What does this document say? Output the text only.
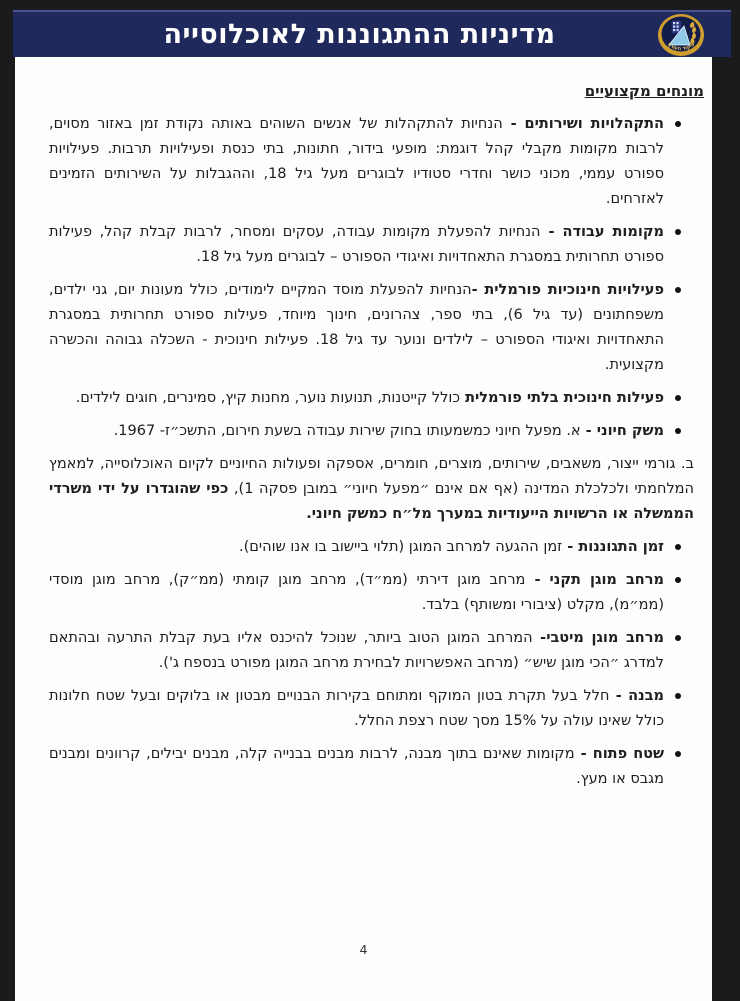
מדיניות ההתגוננות לאוכלוסייה	פיקוד העורף
מונחים מקצועיים
התקהלויות ושירותים - הנחיות להתקהלות של אנשים השוהים באותה נקודת זמן באזור מסוים, לרבות מקומות מקבלי קהל דוגמת: מופעי בידור, חתונות, בתי כנסת ופעילויות תרבות. פעילויות ספורט עממי, מכוני כושר וחדרי סטודיו לבוגרים מעל גיל 18, וההגבלות על השירותים הזמינים לאזרחים.
מקומות עבודה - הנחיות להפעלת מקומות עבודה, עסקים ומסחר, לרבות קבלת קהל, פעילות ספורט תחרותית במסגרת התאחדויות ואיגודי הספורט – לבוגרים מעל גיל 18.
פעילויות חינוכיות פורמלית -הנחיות להפעלת מוסד המקיים לימודים, כולל מעונות יום, גני ילדים, משפחתונים (עד גיל 6), בתי ספר, צהרונים, חינוך מיוחד, פעילות ספורט תחרותית במסגרת התאחדויות ואיגודי הספורט – לילדים ונוער עד גיל 18. פעילות חינוכית - השכלה גבוהה והכשרה מקצועית.
פעילות חינוכית בלתי פורמלית כולל קייטנות, תנועות נוער, מחנות קיץ, סמינרים, חוגים לילדים.
משק חיוני - א. מפעל חיוני כמשמעותו בחוק שירות עבודה בשעת חירום, התשכ״ז- 1967.
ב. גורמי ייצור, משאבים, שירותים, מוצרים, חומרים, אספקה ופעולות החיוניים לקיום האוכלוסייה, למאמץ המלחמתי ולכלכלת המדינה (אף אם אינם ״מפעל חיוני״ במובן פסקה 1), כפי שהוגדרו על ידי משרדי הממשלה או הרשויות הייעודיות במערך מל״ח כמשק חיוני.
זמן התגוננות - זמן ההגעה למרחב המוגן (תלוי ביישוב בו אנו שוהים).
מרחב מוגן תקני - מרחב מוגן דירתי (ממ״ד), מרחב מוגן קומתי (ממ״ק), מרחב מוגן מוסדי (ממ״מ), מקלט (ציבורי ומשותף) בלבד.
מרחב מוגן מיטבי- המרחב המוגן הטוב ביותר, שנוכל להיכנס אליו בעת קבלת התרעה ובהתאם למדרג ״הכי מוגן שיש״ (מרחב האפשרויות לבחירת מרחב המוגן מפורט בנספח ג').
מבנה - חלל בעל תקרת בטון המוקף ומתוחם בקירות הבנויים מבטון או בלוקים ובעל שטח חלונות כולל שאינו עולה על 15% מסך שטח רצפת החלל.
שטח פתוח - מקומות שאינם בתוך מבנה, לרבות מבנים בבנייה קלה, מבנים יבילים, קרוונים ומבנים מגבס או מעץ.
4
